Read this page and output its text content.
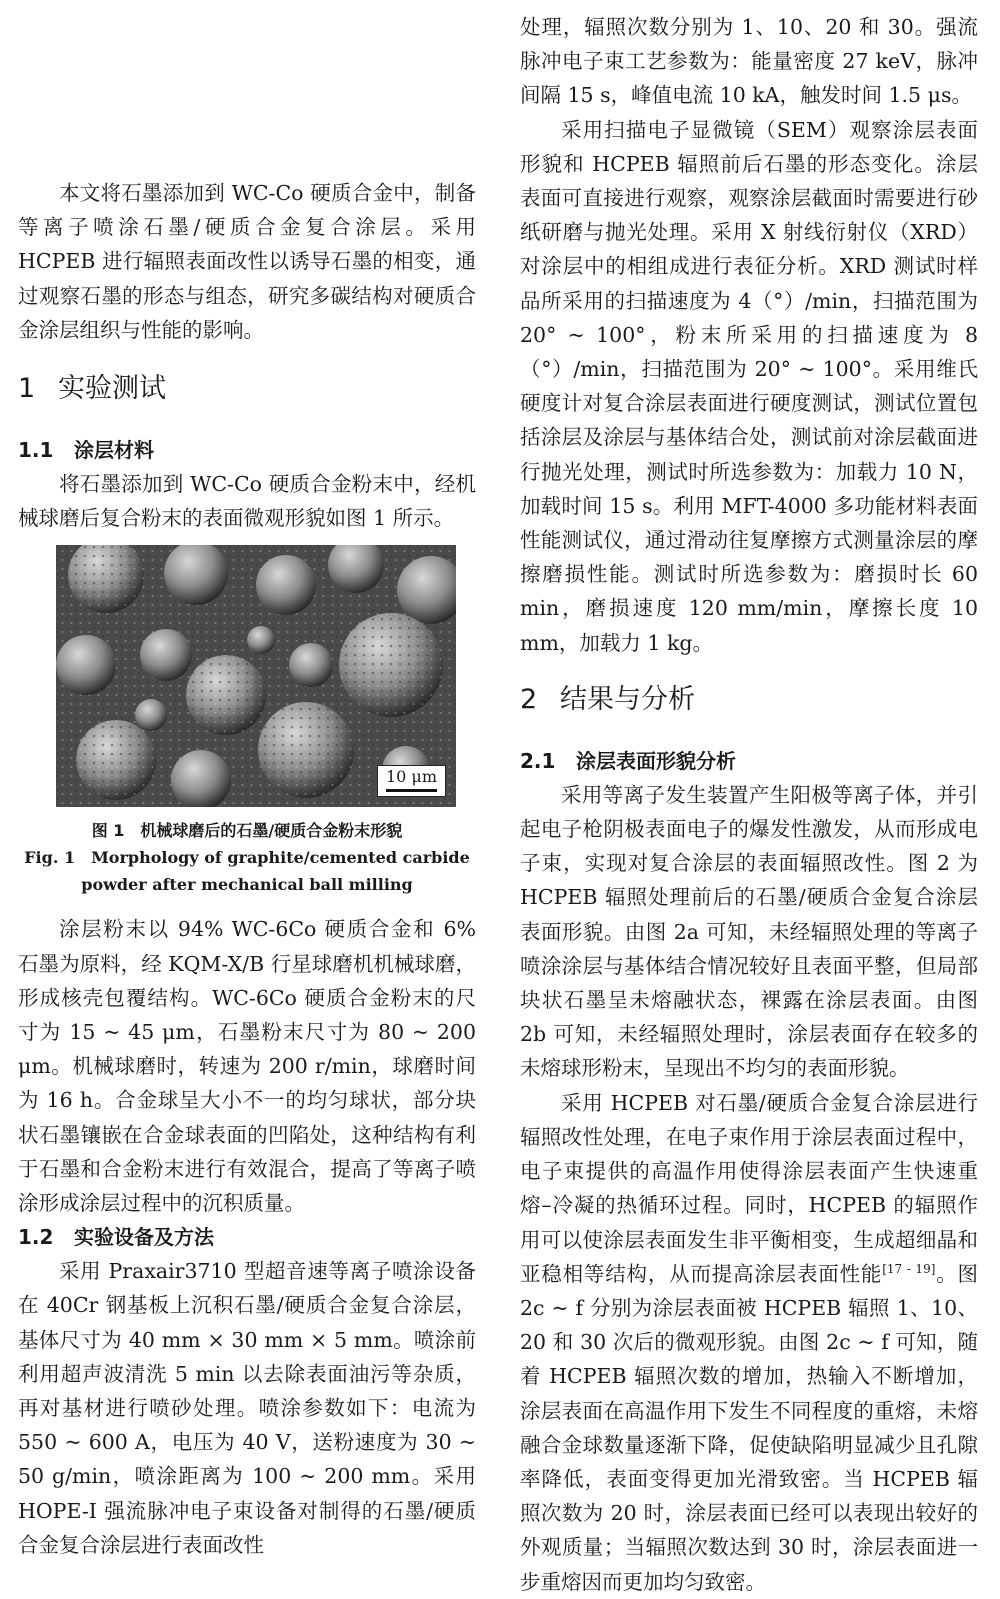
本文将石墨添加到 WC-Co 硬质合金中，制备等离子喷涂石墨/硬质合金复合涂层。采用 HCPEB 进行辐照表面改性以诱导石墨的相变，通过观察石墨的形态与组态，研究多碳结构对硬质合金涂层组织与性能的影响。

1 实验测试
1.1 涂层材料

将石墨添加到 WC-Co 硬质合金粉末中，经机械球磨后复合粉末的表面微观形貌如图 1 所示。

10 μm

图 1　机械球磨后的石墨/硬质合金粉末形貌

Fig. 1　Morphology of graphite/cemented carbide

powder after mechanical ball milling

涂层粉末以 94% WC-6Co 硬质合金和 6% 石墨为原料，经 KQM-X/B 行星球磨机机械球磨，形成核壳包覆结构。WC-6Co 硬质合金粉末的尺寸为 15 ~ 45 μm，石墨粉末尺寸为 80 ~ 200 μm。机械球磨时，转速为 200 r/min，球磨时间为 16 h。合金球呈大小不一的均匀球状，部分块状石墨镶嵌在合金球表面的凹陷处，这种结构有利于石墨和合金粉末进行有效混合，提高了等离子喷涂形成涂层过程中的沉积质量。

1.2 实验设备及方法

采用 Praxair3710 型超音速等离子喷涂设备在 40Cr 钢基板上沉积石墨/硬质合金复合涂层，基体尺寸为 40 mm × 30 mm × 5 mm。喷涂前利用超声波清洗 5 min 以去除表面油污等杂质，再对基材进行喷砂处理。喷涂参数如下：电流为 550 ~ 600 A，电压为 40 V，送粉速度为 30 ~ 50 g/min，喷涂距离为 100 ~ 200 mm。采用 HOPE-I 强流脉冲电子束设备对制得的石墨/硬质合金复合涂层进行表面改性

处理，辐照次数分别为 1、10、20 和 30。强流脉冲电子束工艺参数为：能量密度 27 keV，脉冲间隔 15 s，峰值电流 10 kA，触发时间 1.5 μs。

采用扫描电子显微镜（SEM）观察涂层表面形貌和 HCPEB 辐照前后石墨的形态变化。涂层表面可直接进行观察，观察涂层截面时需要进行砂纸研磨与抛光处理。采用 X 射线衍射仪（XRD）对涂层中的相组成进行表征分析。XRD 测试时样品所采用的扫描速度为 4（°）/min，扫描范围为 20° ~ 100°，粉末所采用的扫描速度为 8（°）/min，扫描范围为 20° ~ 100°。采用维氏硬度计对复合涂层表面进行硬度测试，测试位置包括涂层及涂层与基体结合处，测试前对涂层截面进行抛光处理，测试时所选参数为：加载力 10 N，加载时间 15 s。利用 MFT-4000 多功能材料表面性能测试仪，通过滑动往复摩擦方式测量涂层的摩擦磨损性能。测试时所选参数为：磨损时长 60 min，磨损速度 120 mm/min，摩擦长度 10 mm，加载力 1 kg。

2 结果与分析
2.1 涂层表面形貌分析

采用等离子发生装置产生阳极等离子体，并引起电子枪阴极表面电子的爆发性激发，从而形成电子束，实现对复合涂层的表面辐照改性。图 2 为 HCPEB 辐照处理前后的石墨/硬质合金复合涂层表面形貌。由图 2a 可知，未经辐照处理的等离子喷涂涂层与基体结合情况较好且表面平整，但局部块状石墨呈未熔融状态，裸露在涂层表面。由图 2b 可知，未经辐照处理时，涂层表面存在较多的未熔球形粉末，呈现出不均匀的表面形貌。

采用 HCPEB 对石墨/硬质合金复合涂层进行辐照改性处理，在电子束作用于涂层表面过程中，电子束提供的高温作用使得涂层表面产生快速重熔–冷凝的热循环过程。同时，HCPEB 的辐照作用可以使涂层表面发生非平衡相变，生成超细晶和亚稳相等结构，从而提高涂层表面性能[17 - 19]。图 2c ~ f 分别为涂层表面被 HCPEB 辐照 1、10、20 和 30 次后的微观形貌。由图 2c ~ f 可知，随着 HCPEB 辐照次数的增加，热输入不断增加，涂层表面在高温作用下发生不同程度的重熔，未熔融合金球数量逐渐下降，促使缺陷明显减少且孔隙率降低，表面变得更加光滑致密。当 HCPEB 辐照次数为 20 时，涂层表面已经可以表现出较好的外观质量；当辐照次数达到 30 时，涂层表面进一步重熔因而更加均匀致密。
